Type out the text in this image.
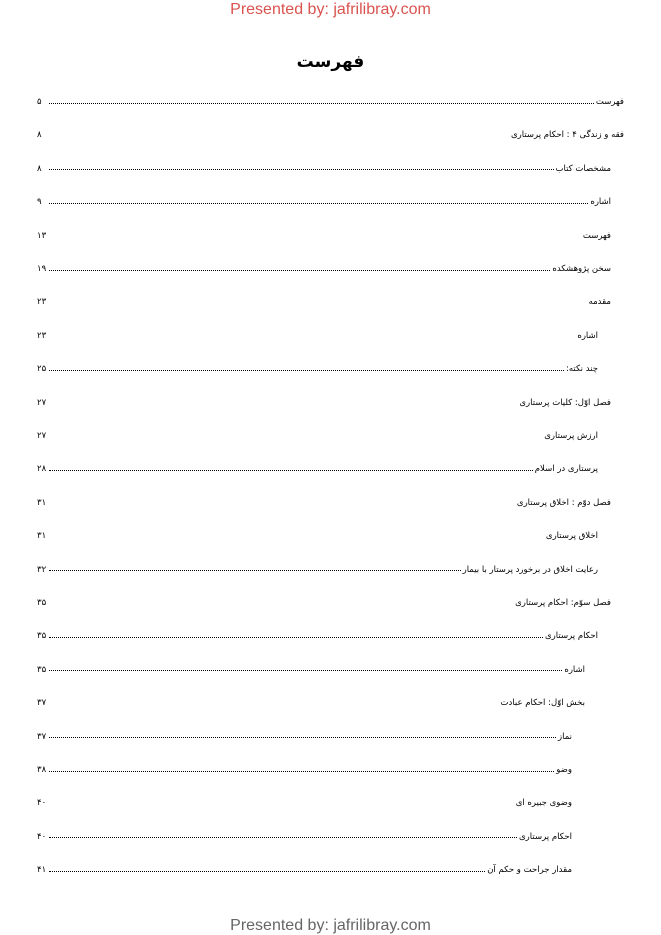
Presented by: jafrilibray.com
فهرست
فهرست
۵
فقه و زندگی ۴ : احکام پرستاری
۸
مشخصات کتاب
۸
اشاره
۹
فهرست
۱۳
سخن پژوهشکده
۱۹
مقدمه
۲۳
اشاره
۲۳
چند نکته:
۲۵
فصل اوّل: کلیات پرستاری
۲۷
ارزش پرستاری
۲۷
پرستاری در اسلام
۲۸
فصل دوّم : اخلاق پرستاری
۳۱
اخلاق پرستاری
۳۱
رعایت اخلاق در برخورد پرستار با بیمار
۳۲
فصل سوّم: احکام پرستاری
۳۵
احکام پرستاری
۳۵
اشاره
۳۵
بخش اوّل: احکام عبادت
۳۷
نماز
۳۷
وضو
۳۸
وضوی جبیره ای
۴۰
احکام پرستاری
۴۰
مقدار جراحت و حکم آن
۴۱
Presented by: jafrilibray.com
